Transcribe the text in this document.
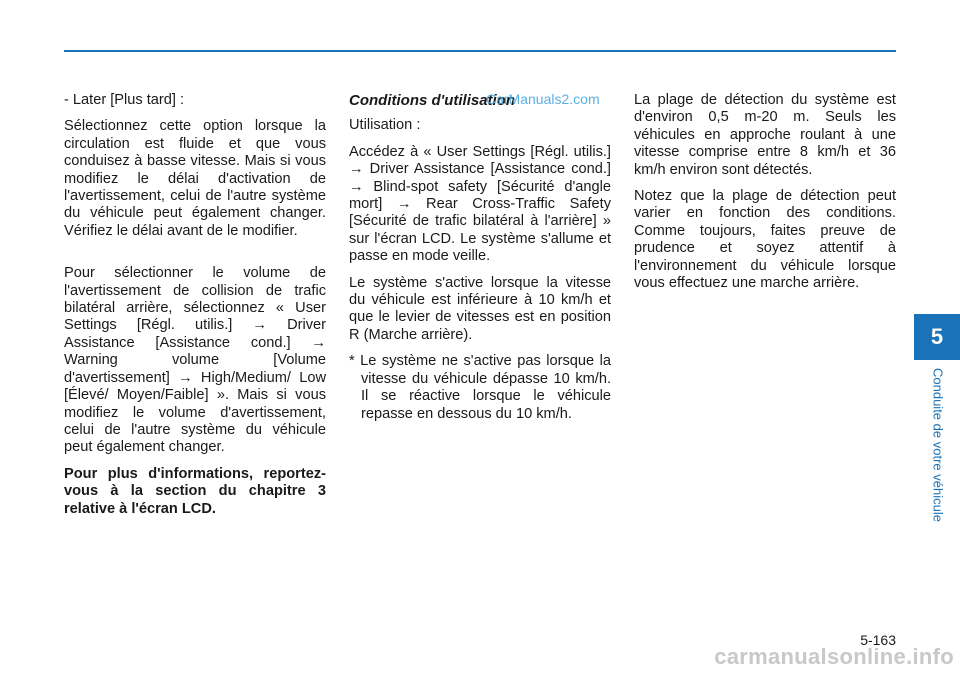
- Later [Plus tard] :

Sélectionnez cette option lorsque la circulation est fluide et que vous conduisez à basse vitesse. Mais si vous modifiez le délai d'activation de l'avertissement, celui de l'autre système du véhicule peut également changer. Vérifiez le délai avant de le modifier.

Pour sélectionner le volume de l'avertissement de collision de trafic bilatéral arrière, sélectionnez « User Settings [Régl. utilis.] → Driver Assistance [Assistance cond.] → Warning volume [Volume d'avertissement] → High/Medium/ Low [Élevé/ Moyen/Faible] ». Mais si vous modifiez le volume d'avertissement, celui de l'autre système du véhicule peut également changer.

Pour plus d'informations, reportez-vous à la section du chapitre 3 relative à l'écran LCD.

Conditions d'utilisation
CarManuals2.com

Utilisation :

Accédez à « User Settings [Régl. utilis.] → Driver Assistance [Assistance cond.] → Blind-spot safety [Sécurité d'angle mort] → Rear Cross-Traffic Safety [Sécurité de trafic bilatéral à l'arrière] » sur l'écran LCD. Le système s'allume et passe en mode veille.

Le système s'active lorsque la vitesse du véhicule est inférieure à 10 km/h et que le levier de vitesses est en position R (Marche arrière).

* Le système ne s'active pas lorsque la vitesse du véhicule dépasse 10 km/h. Il se réactive lorsque le véhicule repasse en dessous du 10 km/h.

La plage de détection du système est d'environ 0,5 m-20 m. Seuls les véhicules en approche roulant à une vitesse comprise entre 8 km/h et 36 km/h environ sont détectés.

Notez que la plage de détection peut varier en fonction des conditions. Comme toujours, faites preuve de prudence et soyez attentif à l'environnement du véhicule lorsque vous effectuez une marche arrière.

5
Conduite de votre véhicule
5-163
carmanualsonline.info
